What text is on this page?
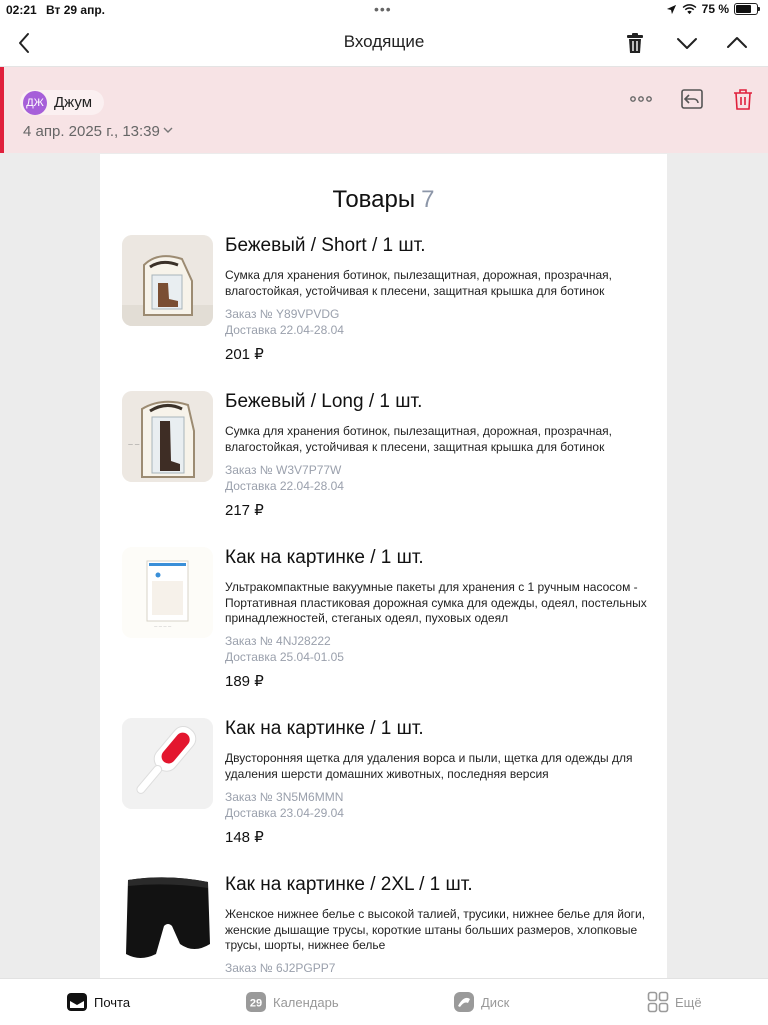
02:21 Вт 29 апр.	•••	75 %
Входящие
ДЖ Джум
4 апр. 2025 г., 13:39
Товары 7
Бежевый / Short / 1 шт.
Сумка для хранения ботинок, пылезащитная, дорожная, прозрачная, влагостойкая, устойчивая к плесени, защитная крышка для ботинок
Заказ № Y89VPVDG
Доставка 22.04-28.04
201 ₽
— —
Бежевый / Long / 1 шт.
Сумка для хранения ботинок, пылезащитная, дорожная, прозрачная, влагостойкая, устойчивая к плесени, защитная крышка для ботинок
Заказ № W3V7P77W
Доставка 22.04-28.04
217 ₽
— — — —
Как на картинке / 1 шт.
Ультракомпактные вакуумные пакеты для хранения с 1 ручным насосом - Портативная пластиковая дорожная сумка для одежды, одеял, постельных принадлежностей, стеганых одеял, пуховых одеял
Заказ № 4NJ28222
Доставка 25.04-01.05
189 ₽
Как на картинке / 1 шт.
Двусторонняя щетка для удаления ворса и пыли, щетка для одежды для удаления шерсти домашних животных, последняя версия
Заказ № 3N5M6MMN
Доставка 23.04-29.04
148 ₽
Как на картинке / 2XL / 1 шт.
Женское нижнее белье с высокой талией, трусики, нижнее белье для йоги, женские дышащие трусы, короткие штаны больших размеров, хлопковые трусы, шорты, нижнее белье
Заказ № 6J2PGPP7
Почта	29 Календарь	Диск	Ещё
